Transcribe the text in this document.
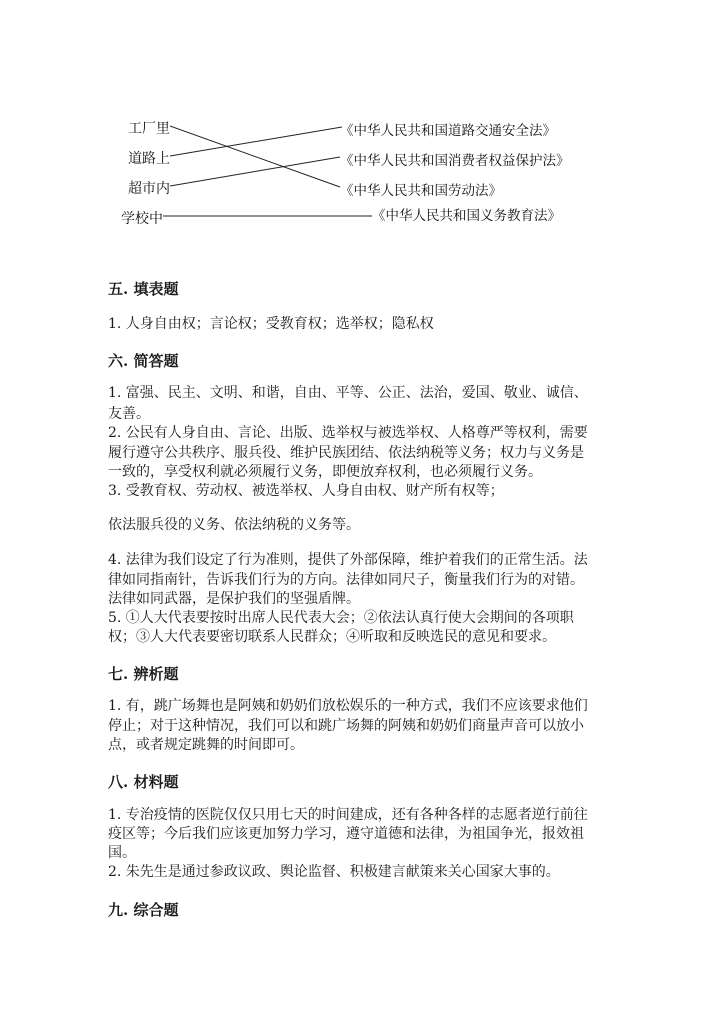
工厂里
道路上
超市内
学校中
《中华人民共和国道路交通安全法》
《中华人民共和国消费者权益保护法》
《中华人民共和国劳动法》
《中华人民共和国义务教育法》
五. 填表题
1. 人身自由权；言论权；受教育权；选举权；隐私权
六. 简答题
1. 富强、民主、文明、和谐，自由、平等、公正、法治，爱国、敬业、诚信、
友善。
2. 公民有人身自由、言论、出版、选举权与被选举权、人格尊严等权利，需要
履行遵守公共秩序、服兵役、维护民族团结、依法纳税等义务；权力与义务是
一致的，享受权利就必须履行义务，即便放弃权利，也必须履行义务。
3. 受教育权、劳动权、被选举权、人身自由权、财产所有权等；
依法服兵役的义务、依法纳税的义务等。
4. 法律为我们设定了行为准则，提供了外部保障，维护着我们的正常生活。法
律如同指南针，告诉我们行为的方向。法律如同尺子，衡量我们行为的对错。
法律如同武器，是保护我们的坚强盾牌。
5. ①人大代表要按时出席人民代表大会；②依法认真行使大会期间的各项职
权；③人大代表要密切联系人民群众；④听取和反映选民的意见和要求。
七. 辨析题
1. 有，跳广场舞也是阿姨和奶奶们放松娱乐的一种方式，我们不应该要求他们
停止；对于这种情况，我们可以和跳广场舞的阿姨和奶奶们商量声音可以放小
点，或者规定跳舞的时间即可。
八. 材料题
1. 专治疫情的医院仅仅只用七天的时间建成，还有各种各样的志愿者逆行前往
疫区等；今后我们应该更加努力学习，遵守道德和法律，为祖国争光，报效祖
国。
2. 朱先生是通过参政议政、舆论监督、积极建言献策来关心国家大事的。
九. 综合题
